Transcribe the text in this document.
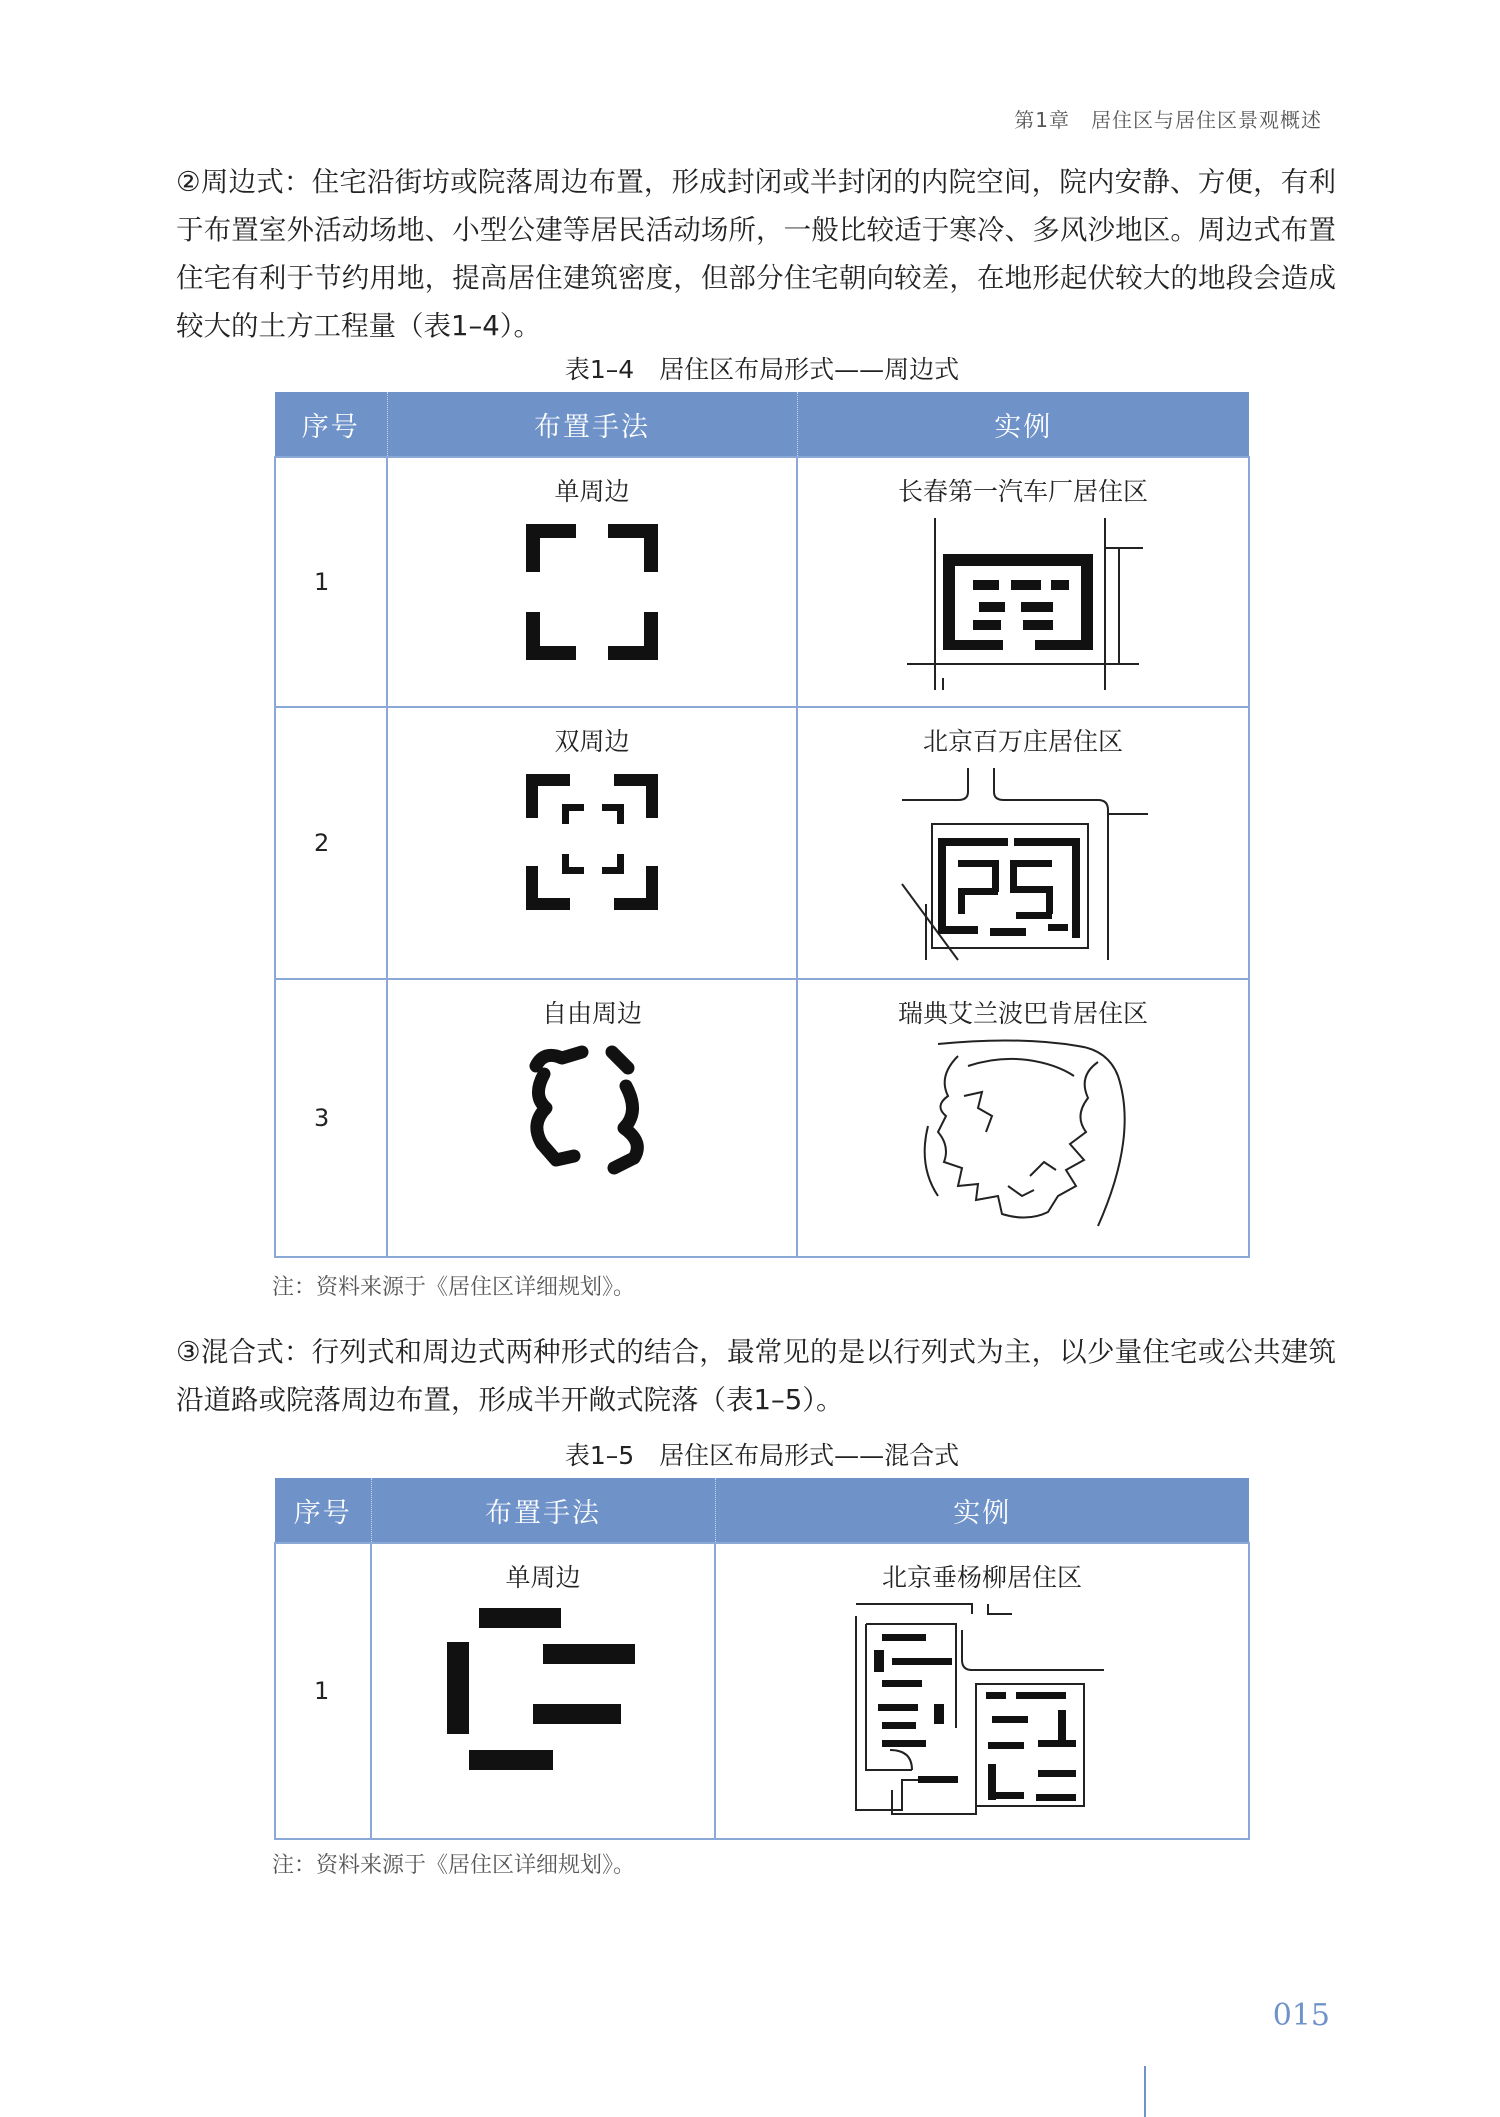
第1章　居住区与居住区景观概述

②周边式：住宅沿街坊或院落周边布置，形成封闭或半封闭的内院空间，院内安静、方便，有利于布置室外活动场地、小型公建等居民活动场所，一般比较适于寒冷、多风沙地区。周边式布置住宅有利于节约用地，提高居住建筑密度，但部分住宅朝向较差，在地形起伏较大的地段会造成较大的土方工程量（表1–4）。

表1–4　居住区布局形式——周边式

序号	布置手法	实例
1	单周边	长春第一汽车厂居住区

2	双周边	北京百万庄居住区

3	自由周边	瑞典艾兰波巴肯居住区

注：资料来源于《居住区详细规划》。

③混合式：行列式和周边式两种形式的结合，最常见的是以行列式为主，以少量住宅或公共建筑沿道路或院落周边布置，形成半开敞式院落（表1–5）。

表1–5　居住区布局形式——混合式

序号	布置手法	实例
1	单周边	北京垂杨柳居住区

注：资料来源于《居住区详细规划》。

015
